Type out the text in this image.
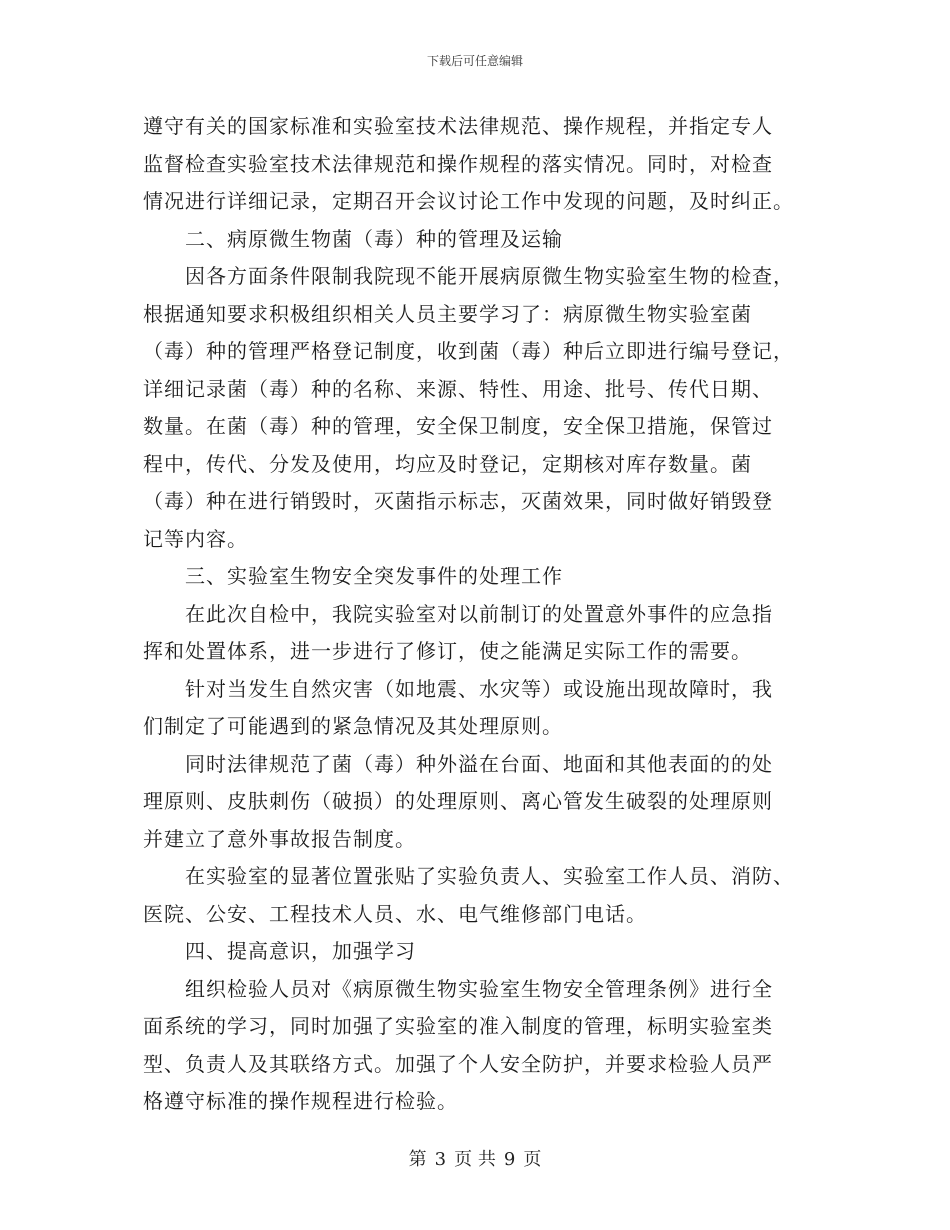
下载后可任意编辑
遵守有关的国家标准和实验室技术法律规范、操作规程，并指定专人
监督检查实验室技术法律规范和操作规程的落实情况。同时，对检查
情况进行详细记录，定期召开会议讨论工作中发现的问题，及时纠正。
二、病原微生物菌（毒）种的管理及运输
因各方面条件限制我院现不能开展病原微生物实验室生物的检查，
根据通知要求积极组织相关人员主要学习了：病原微生物实验室菌
（毒）种的管理严格登记制度，收到菌（毒）种后立即进行编号登记，
详细记录菌（毒）种的名称、来源、特性、用途、批号、传代日期、
数量。在菌（毒）种的管理，安全保卫制度，安全保卫措施，保管过
程中，传代、分发及使用，均应及时登记，定期核对库存数量。菌
（毒）种在进行销毁时，灭菌指示标志，灭菌效果，同时做好销毁登
记等内容。
三、实验室生物安全突发事件的处理工作
在此次自检中，我院实验室对以前制订的处置意外事件的应急指
挥和处置体系，进一步进行了修订，使之能满足实际工作的需要。
针对当发生自然灾害（如地震、水灾等）或设施出现故障时，我
们制定了可能遇到的紧急情况及其处理原则。
同时法律规范了菌（毒）种外溢在台面、地面和其他表面的的处
理原则、皮肤刺伤（破损）的处理原则、离心管发生破裂的处理原则
并建立了意外事故报告制度。
在实验室的显著位置张贴了实验负责人、实验室工作人员、消防、
医院、公安、工程技术人员、水、电气维修部门电话。
四、提高意识，加强学习
组织检验人员对《病原微生物实验室生物安全管理条例》进行全
面系统的学习，同时加强了实验室的准入制度的管理，标明实验室类
型、负责人及其联络方式。加强了个人安全防护，并要求检验人员严
格遵守标准的操作规程进行检验。
第 3 页 共 9 页
